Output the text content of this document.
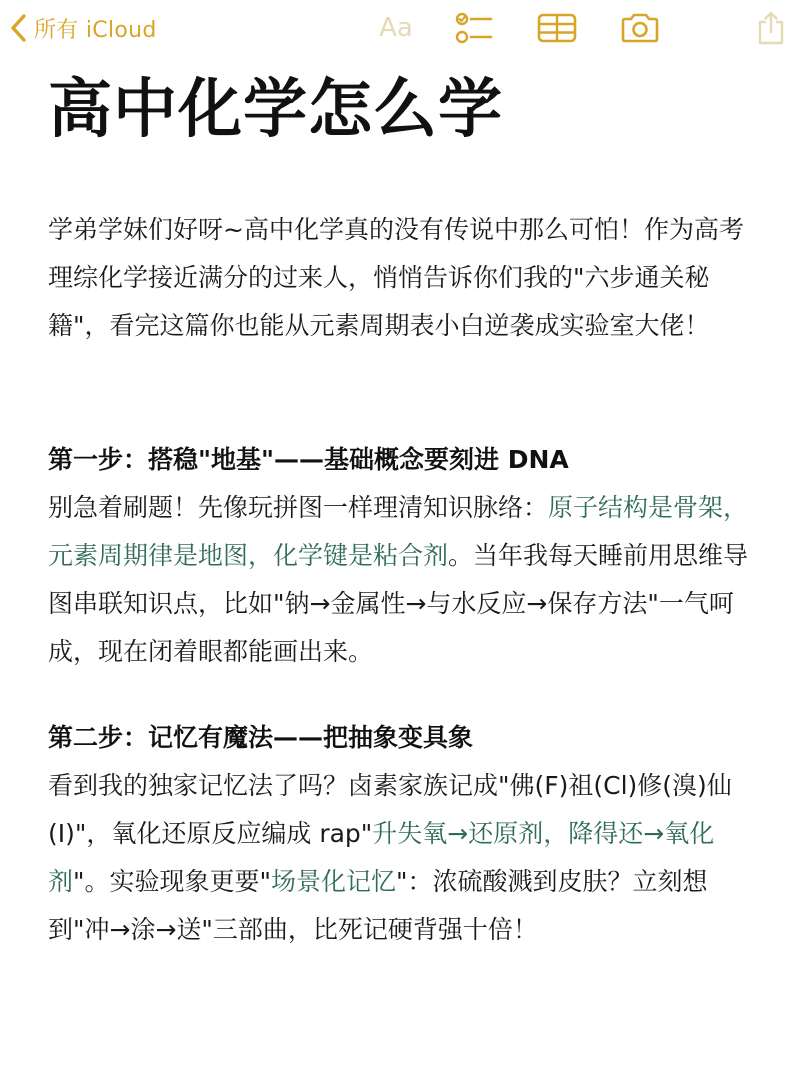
所有 iCloud	Aa
高中化学怎么学

学弟学妹们好呀~高中化学真的没有传说中那么可怕！作为高考理综化学接近满分的过来人，悄悄告诉你们我的"六步通关秘籍"，看完这篇你也能从元素周期表小白逆袭成实验室大佬！

第一步：搭稳"地基"——基础概念要刻进 DNA

别急着刷题！先像玩拼图一样理清知识脉络：原子结构是骨架，元素周期律是地图，化学键是粘合剂。当年我每天睡前用思维导图串联知识点，比如"钠→金属性→与水反应→保存方法"一气呵成，现在闭着眼都能画出来。

第二步：记忆有魔法——把抽象变具象

看到我的独家记忆法了吗？卤素家族记成"佛(F)祖(Cl)修(溴)仙(I)"，氧化还原反应编成 rap"升失氧→还原剂，降得还→氧化剂"。实验现象更要"场景化记忆"：浓硫酸溅到皮肤？立刻想到"冲→涂→送"三部曲，比死记硬背强十倍！
